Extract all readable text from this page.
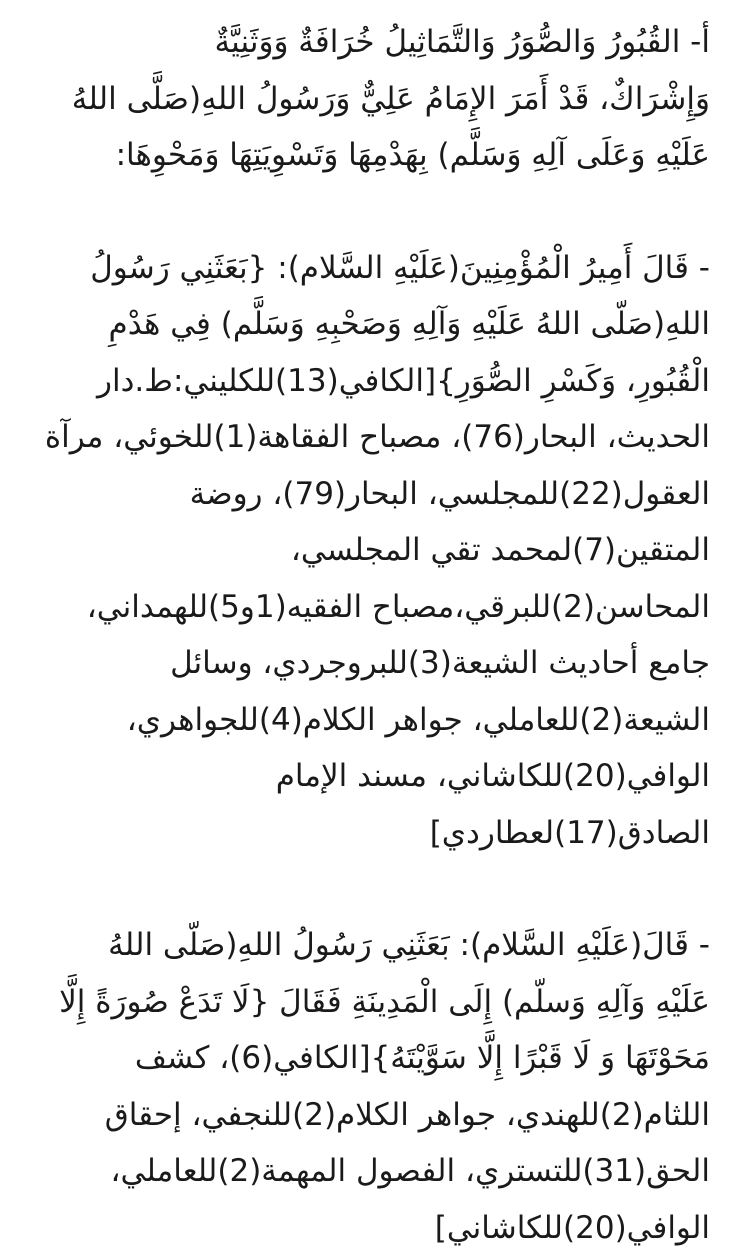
أ- القُبُورُ وَالصُّوَرُ وَالتَّمَاثِيلُ خُرَافَةٌ وَوَثَنِيَّةٌ
وَإِشْرَاكٌ، قَدْ أَمَرَ الإِمَامُ عَلِيٌّ وَرَسُولُ اللهِ(صَلَّى اللهُ
عَلَيْهِ وَعَلَى آلِهِ وَسَلَّم) بِهَدْمِهَا وَتَسْوِيَتِهَا وَمَحْوِهَا:

- قَالَ أَمِيرُ الْمُؤْمِنِينَ(عَلَيْهِ السَّلام): {بَعَثَنِي رَسُولُ
اللهِ(صَلّى اللهُ عَلَيْهِ وَآلِهِ وَصَحْبِهِ وَسَلَّم) فِي هَدْمِ
الْقُبُورِ، وَكَسْرِ الصُّوَرِ}[الكافي(13)للكليني:ط.دار
الحديث، البحار(76)، مصباح الفقاهة(1)للخوئي، مرآة
العقول(22)للمجلسي، البحار(79)، روضة
المتقين(7)لمحمد تقي المجلسي،
المحاسن(2)للبرقي،مصباح الفقيه(1و5)للهمداني،
جامع أحاديث الشيعة(3)للبروجردي، وسائل
الشيعة(2)للعاملي، جواهر الكلام(4)للجواهري،
الوافي(20)للكاشاني، مسند الإمام
الصادق(17)لعطاردي]

- قَالَ(عَلَيْهِ السَّلام): بَعَثَنِي رَسُولُ اللهِ(صَلّى اللهُ
عَلَيْهِ وَآلِهِ وَسلّم) إِلَى الْمَدِينَةِ فَقَالَ {لَا تَدَعْ صُورَةً إِلَّا
مَحَوْتَهَا وَ لَا قَبْرًا إِلَّا سَوَّيْتَهُ}[الكافي(6)، كشف
اللثام(2)للهندي، جواهر الكلام(2)للنجفي، إحقاق
الحق(31)للتستري، الفصول المهمة(2)للعاملي،
الوافي(20)للكاشاني]
